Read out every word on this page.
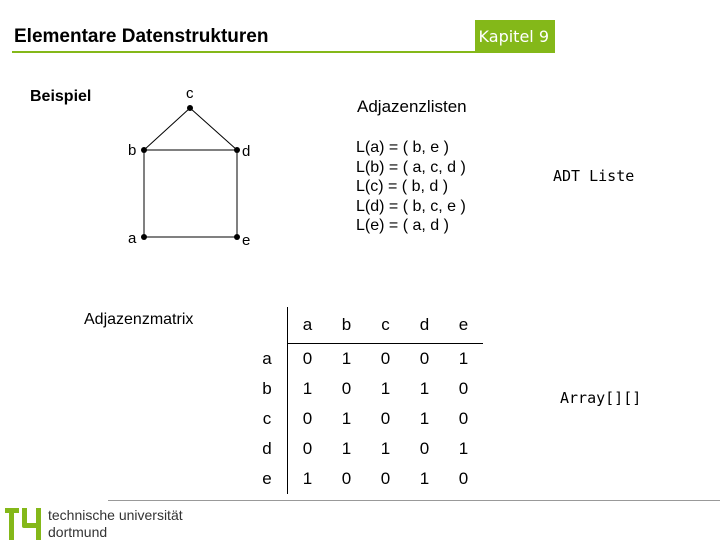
Elementare Datenstrukturen	Kapitel 9
Beispiel	c
b	d
a	e
Adjazenzlisten
L(a) = ( b, e )
L(b) = ( a, c, d )
L(c) = ( b, d )
L(d) = ( b, c, e )
L(e) = ( a, d )
ADT Liste
Adjazenzmatrix
		a	b	c	d	e
a	0	1	0	0	1
b	1	0	1	1	0
c	0	1	0	1	0
d	0	1	1	0	1
e	1	0	0	1	0
Array[][]
technische universität
dortmund
